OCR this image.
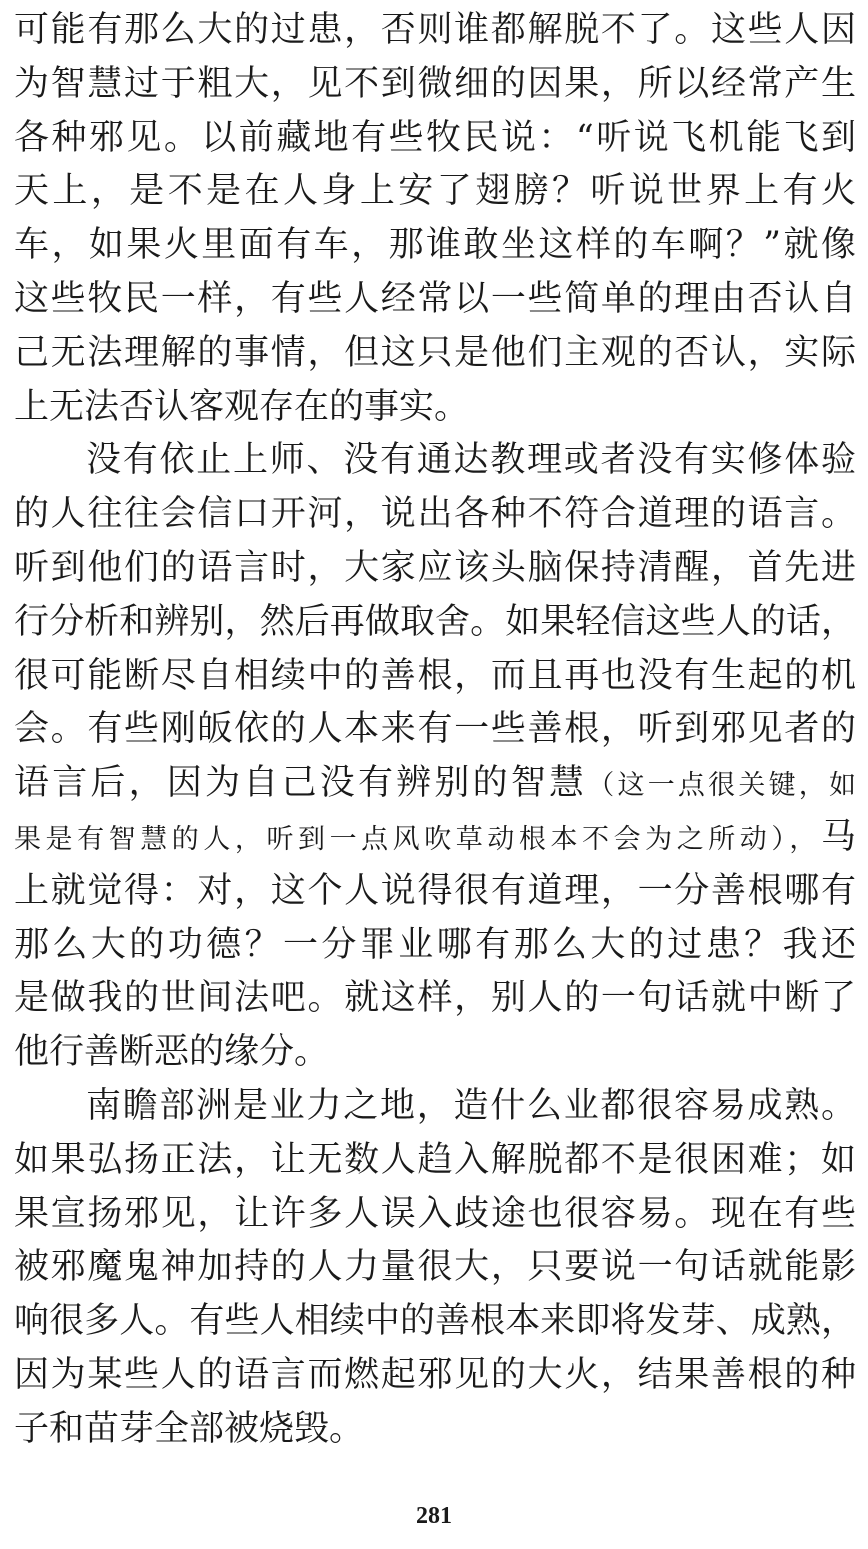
可能有那么大的过患，否则谁都解脱不了。这些人因
为智慧过于粗大，见不到微细的因果，所以经常产生
各种邪见。以前藏地有些牧民说：“听说飞机能飞到
天上，是不是在人身上安了翅膀？听说世界上有火
车，如果火里面有车，那谁敢坐这样的车啊？”就像
这些牧民一样，有些人经常以一些简单的理由否认自
己无法理解的事情，但这只是他们主观的否认，实际
上无法否认客观存在的事实。
没有依止上师、没有通达教理或者没有实修体验
的人往往会信口开河，说出各种不符合道理的语言。
听到他们的语言时，大家应该头脑保持清醒，首先进
行分析和辨别，然后再做取舍。如果轻信这些人的话，
很可能断尽自相续中的善根，而且再也没有生起的机
会。有些刚皈依的人本来有一些善根，听到邪见者的
语言后，因为自己没有辨别的智慧（这一点很关键，如
果是有智慧的人，听到一点风吹草动根本不会为之所动），马
上就觉得：对，这个人说得很有道理，一分善根哪有
那么大的功德？一分罪业哪有那么大的过患？我还
是做我的世间法吧。就这样，别人的一句话就中断了
他行善断恶的缘分。
南瞻部洲是业力之地，造什么业都很容易成熟。
如果弘扬正法，让无数人趋入解脱都不是很困难；如
果宣扬邪见，让许多人误入歧途也很容易。现在有些
被邪魔鬼神加持的人力量很大，只要说一句话就能影
响很多人。有些人相续中的善根本来即将发芽、成熟，
因为某些人的语言而燃起邪见的大火，结果善根的种
子和苗芽全部被烧毁。
281
